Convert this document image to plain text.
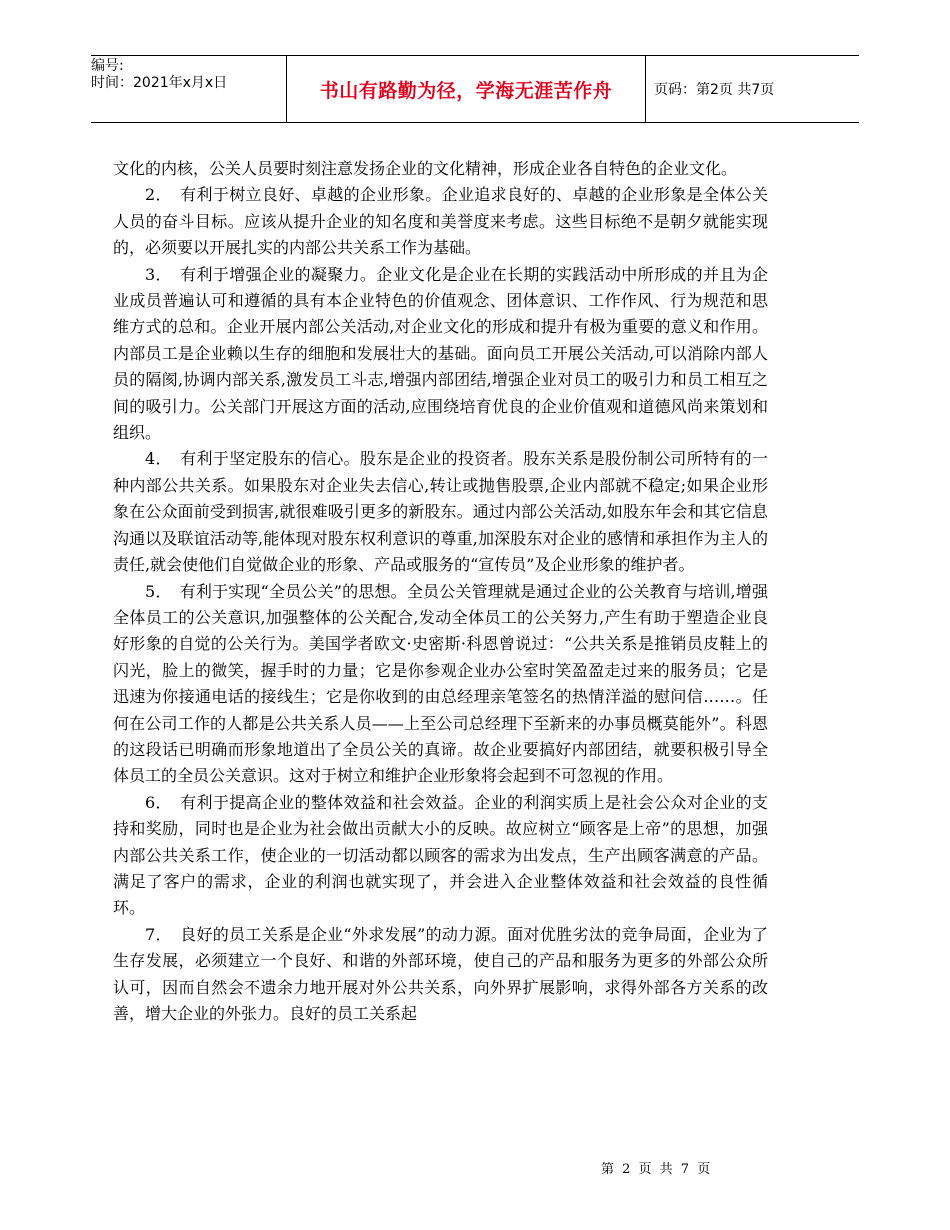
编号:
时间：2021年x月x日	书山有路勤为径，学海无涯苦作舟	页码：第2页 共7页

文化的内核，公关人员要时刻注意发扬企业的文化精神，形成企业各自特色的企业文化。

2．　有利于树立良好、卓越的企业形象。企业追求良好的、卓越的企业形象是全体公关人员的奋斗目标。应该从提升企业的知名度和美誉度来考虑。这些目标绝不是朝夕就能实现的，必须要以开展扎实的内部公共关系工作为基础。

3．　有利于增强企业的凝聚力。企业文化是企业在长期的实践活动中所形成的并且为企业成员普遍认可和遵循的具有本企业特色的价值观念、团体意识、工作作风、行为规范和思维方式的总和。企业开展内部公关活动,对企业文化的形成和提升有极为重要的意义和作用。内部员工是企业赖以生存的细胞和发展壮大的基础。面向员工开展公关活动,可以消除内部人员的隔阂,协调内部关系,激发员工斗志,增强内部团结,增强企业对员工的吸引力和员工相互之间的吸引力。公关部门开展这方面的活动,应围绕培育优良的企业价值观和道德风尚来策划和组织。

4．　有利于坚定股东的信心。股东是企业的投资者。股东关系是股份制公司所特有的一种内部公共关系。如果股东对企业失去信心,转让或抛售股票,企业内部就不稳定;如果企业形象在公众面前受到损害,就很难吸引更多的新股东。通过内部公关活动,如股东年会和其它信息沟通以及联谊活动等,能体现对股东权利意识的尊重,加深股东对企业的感情和承担作为主人的责任,就会使他们自觉做企业的形象、产品或服务的“宣传员”及企业形象的维护者。

5．　有利于实现“全员公关”的思想。全员公关管理就是通过企业的公关教育与培训,增强全体员工的公关意识,加强整体的公关配合,发动全体员工的公关努力,产生有助于塑造企业良好形象的自觉的公关行为。美国学者欧文·史密斯·科恩曾说过：“公共关系是推销员皮鞋上的闪光，脸上的微笑，握手时的力量；它是你参观企业办公室时笑盈盈走过来的服务员；它是迅速为你接通电话的接线生；它是你收到的由总经理亲笔签名的热情洋溢的慰问信……。任何在公司工作的人都是公共关系人员——上至公司总经理下至新来的办事员概莫能外”。科恩的这段话已明确而形象地道出了全员公关的真谛。故企业要搞好内部团结，就要积极引导全体员工的全员公关意识。这对于树立和维护企业形象将会起到不可忽视的作用。

6．　有利于提高企业的整体效益和社会效益。企业的利润实质上是社会公众对企业的支持和奖励，同时也是企业为社会做出贡献大小的反映。故应树立“顾客是上帝”的思想，加强内部公共关系工作，使企业的一切活动都以顾客的需求为出发点，生产出顾客满意的产品。满足了客户的需求，企业的利润也就实现了，并会进入企业整体效益和社会效益的良性循环。

7．　良好的员工关系是企业“外求发展”的动力源。面对优胜劣汰的竞争局面，企业为了生存发展，必须建立一个良好、和谐的外部环境，使自己的产品和服务为更多的外部公众所认可，因而自然会不遗余力地开展对外公共关系，向外界扩展影响，求得外部各方关系的改善，增大企业的外张力。良好的员工关系起

第 2 页 共 7 页
